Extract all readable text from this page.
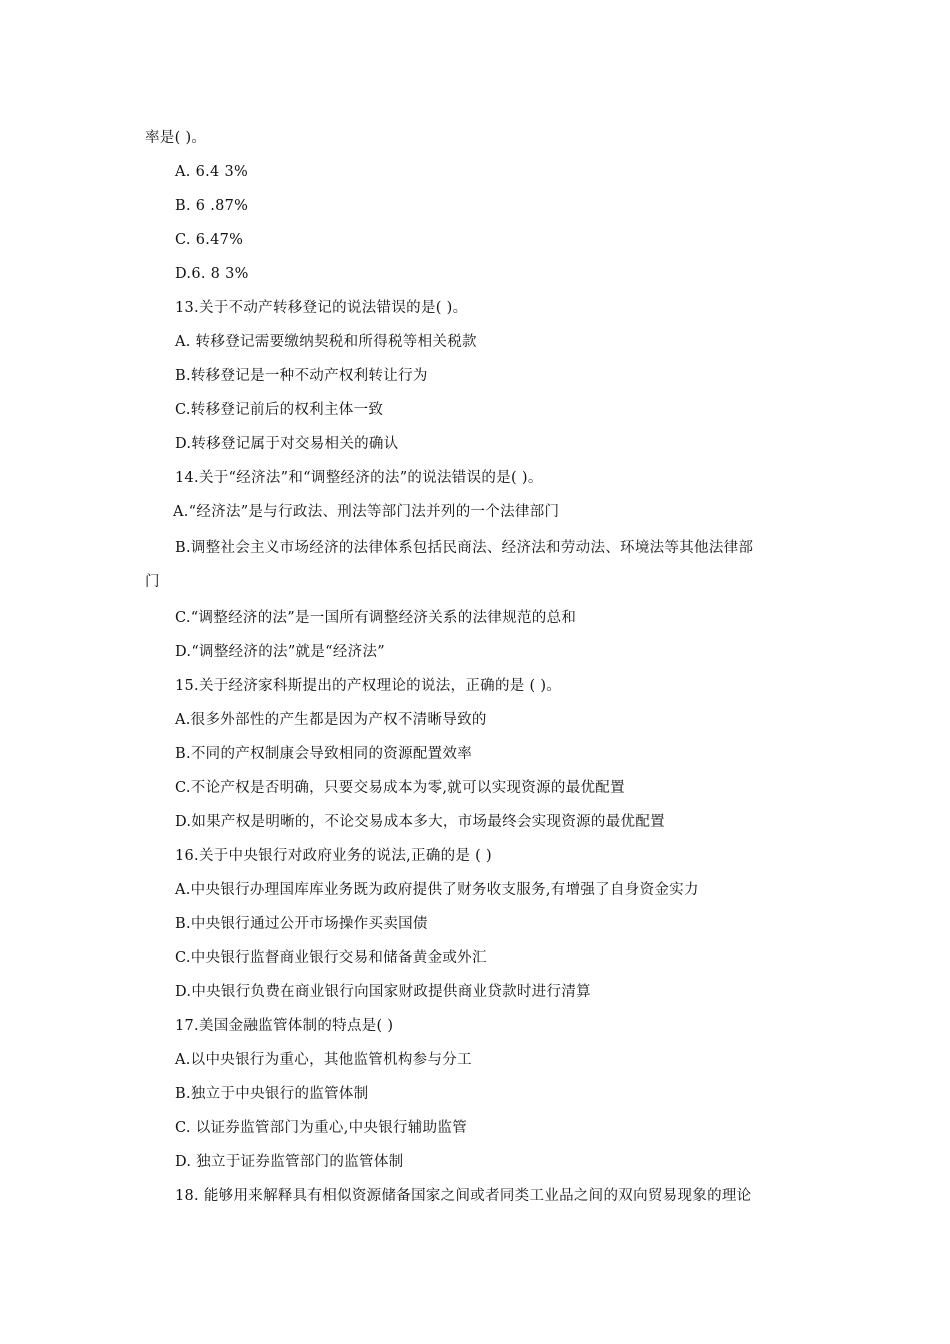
率是( )。
A. 6.4 3%
B. 6 .87%
C. 6.47%
D.6. 8 3%
13.关于不动产转移登记的说法错误的是( )。
A. 转移登记需要缴纳契税和所得税等相关税款
B.转移登记是一种不动产权利转让行为
C.转移登记前后的权利主体一致
D.转移登记属于对交易相关的确认
14.关于“经济法”和“调整经济的法”的说法错误的是( )。
A.“经济法”是与行政法、刑法等部门法并列的一个法律部门
B.调整社会主义市场经济的法律体系包括民商法、经济法和劳动法、环境法等其他法律部
门
C.“调整经济的法”是一国所有调整经济关系的法律规范的总和
D.“调整经济的法”就是“经济法”
15.关于经济家科斯提出的产权理论的说法，正确的是 ( )。
A.很多外部性的产生都是因为产权不清晰导致的
B.不同的产权制康会导致相同的资源配置效率
C.不论产权是否明确，只要交易成本为零,就可以实现资源的最优配置
D.如果产权是明晰的，不论交易成本多大，市场最终会实现资源的最优配置
16.关于中央银行对政府业务的说法,正确的是 ( )
A.中央银行办理国库库业务既为政府提供了财务收支服务,有增强了自身资金实力
B.中央银行通过公开市场操作买卖国债
C.中央银行监督商业银行交易和储备黄金或外汇
D.中央银行负费在商业银行向国家财政提供商业贷款时进行清算
17.美国金融监管体制的特点是( )
A.以中央银行为重心，其他监管机构参与分工
B.独立于中央银行的监管体制
C. 以证券监管部门为重心,中央银行辅助监管
D. 独立于证券监管部门的监管体制
18. 能够用来解释具有相似资源储备国家之间或者同类工业品之间的双向贸易现象的理论
